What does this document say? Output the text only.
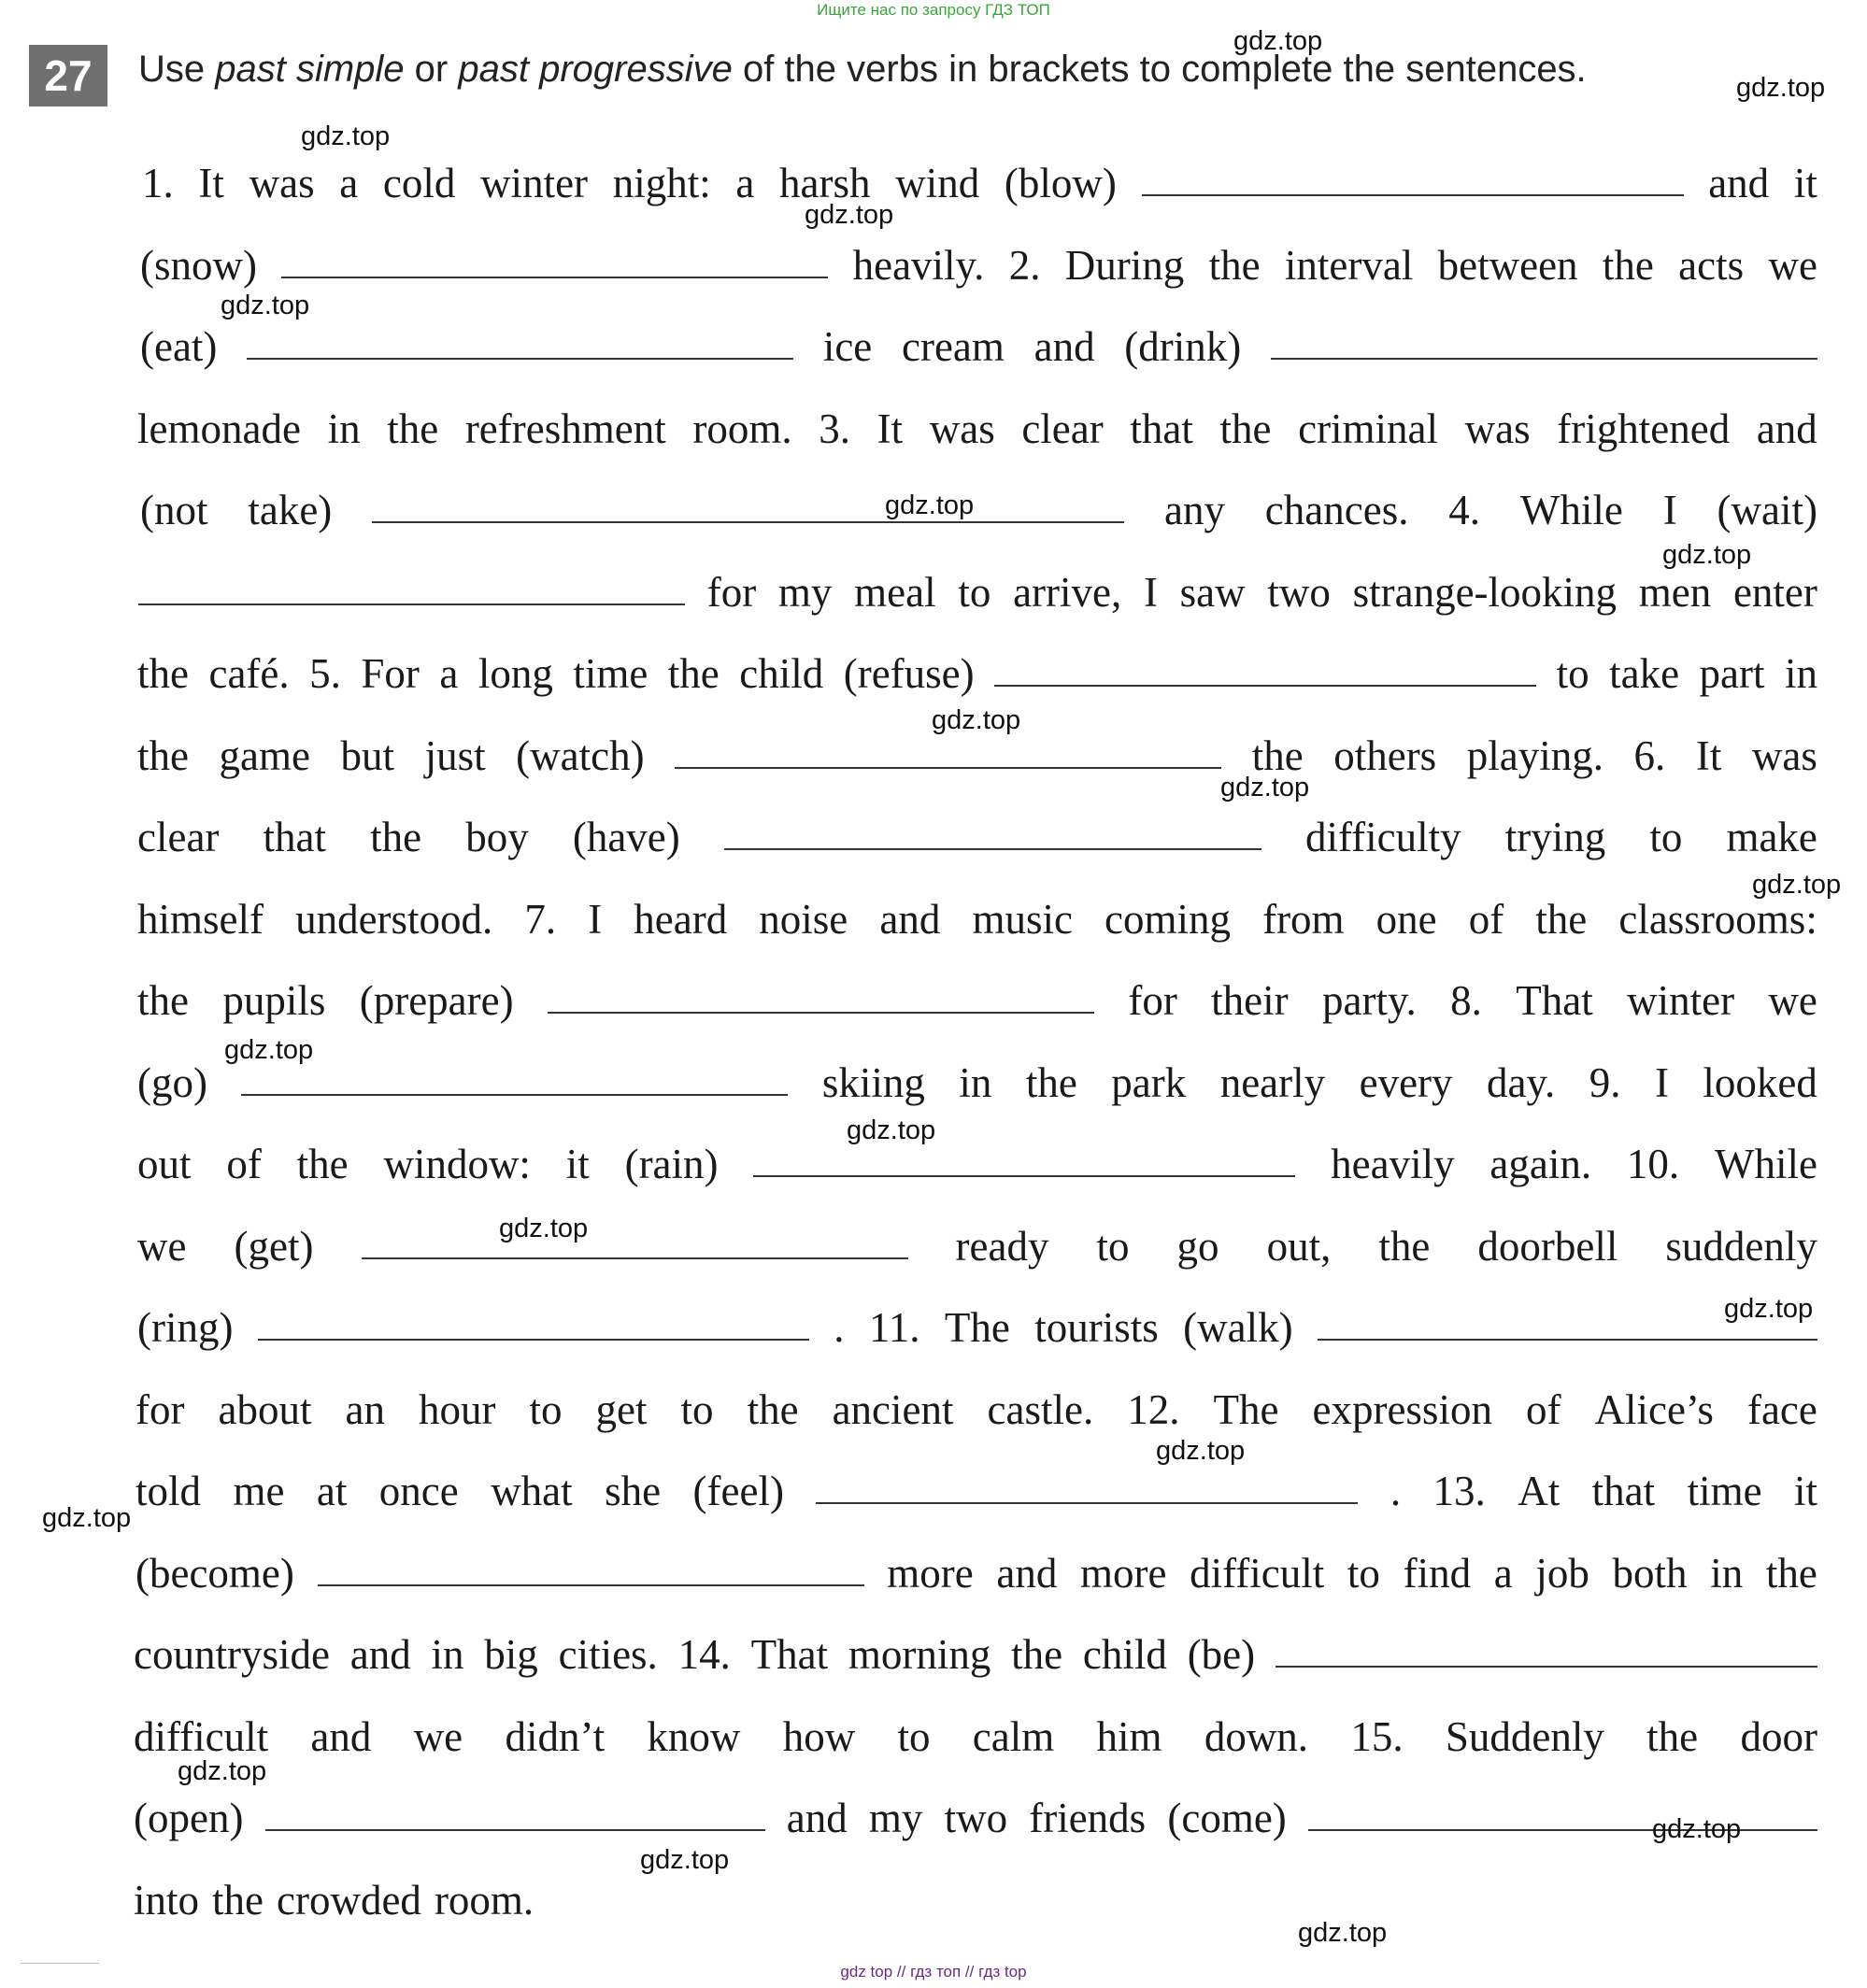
Ищите нас по запросу ГДЗ ТОП
27	Use past simple or past progressive of the verbs in brackets to complete the sentences.
1. It was a cold winter night: a harsh wind (blow)	and it
(snow)	heavily. 2. During the interval between the acts we
(eat)	ice cream and (drink)
lemonade in the refreshment room. 3. It was clear that the criminal was frightened and
(not take)	any chances. 4. While I (wait)
for my meal to arrive, I saw two strange-looking men enter
the café. 5. For a long time the child (refuse)	to take part in
the game but just (watch)	the others playing. 6. It was
clear that the boy (have)	difficulty trying to make
himself understood. 7. I heard noise and music coming from one of the classrooms:
the pupils (prepare)	for their party. 8. That winter we
(go)	skiing in the park nearly every day. 9. I looked
out of the window: it (rain)	heavily again. 10. While
we (get)	ready to go out, the doorbell suddenly
(ring)	. 11. The tourists (walk)
for about an hour to get to the ancient castle. 12. The expression of Alice’s face
told me at once what she (feel)	. 13. At that time it
(become)	more and more difficult to find a job both in the
countryside and in big cities. 14. That morning the child (be)
difficult and we didn’t know how to calm him down. 15. Suddenly the door
(open)	and my two friends (come)
into the crowded room.
gdz.top
gdz.top
gdz.top
gdz.top
gdz.top
gdz.top
gdz.top
gdz.top
gdz.top
gdz.top
gdz.top
gdz.top
gdz.top
gdz.top
gdz.top
gdz.top
gdz.top
gdz.top
gdz.top
gdz.top
gdz top // гдз топ // гдз top
